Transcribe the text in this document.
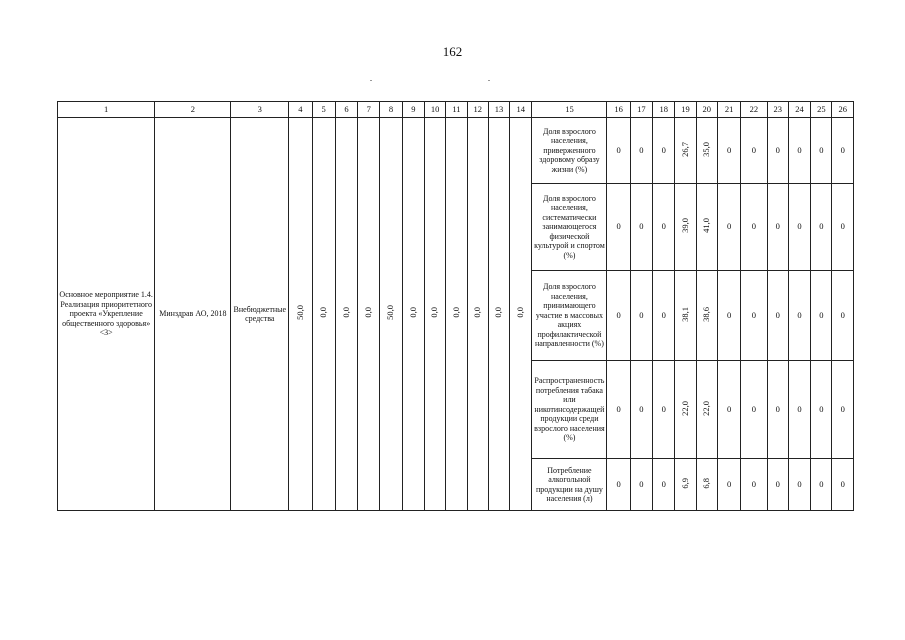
162
1	2	3	4	5	6	7	8	9	10	11	12	13	14	15	16	17	18	19	20	21	22	23	24	25	26
Основное мероприятие 1.4. Реализация приоритетного проекта «Укрепление общественного здоровья» <3>	Минздрав АО, 2018	Внебюджетные средства	50,0	0,0	0,0	0,0	50,0	0,0	0,0	0,0	0,0	0,0	0,0	Доля взрослого населения, приверженного здоровому образу жизни (%)	0	0	0	26,7	35,0	0	0	0	0	0	0
														Доля взрослого населения, систематически занимающегося физической культурой и спортом (%)	0	0	0	39,0	41,0	0	0	0	0	0	0
														Доля взрослого населения, принимающего участие в массовых акциях профилактической направленности (%)	0	0	0	38,1	38,6	0	0	0	0	0	0
														Распространенность потребления табака или никотинсодержащей продукции среди взрослого населения (%)	0	0	0	22,0	22,0	0	0	0	0	0	0
														Потребление алкогольной продукции на душу населения (л)	0	0	0	6,9	6,8	0	0	0	0	0	0
